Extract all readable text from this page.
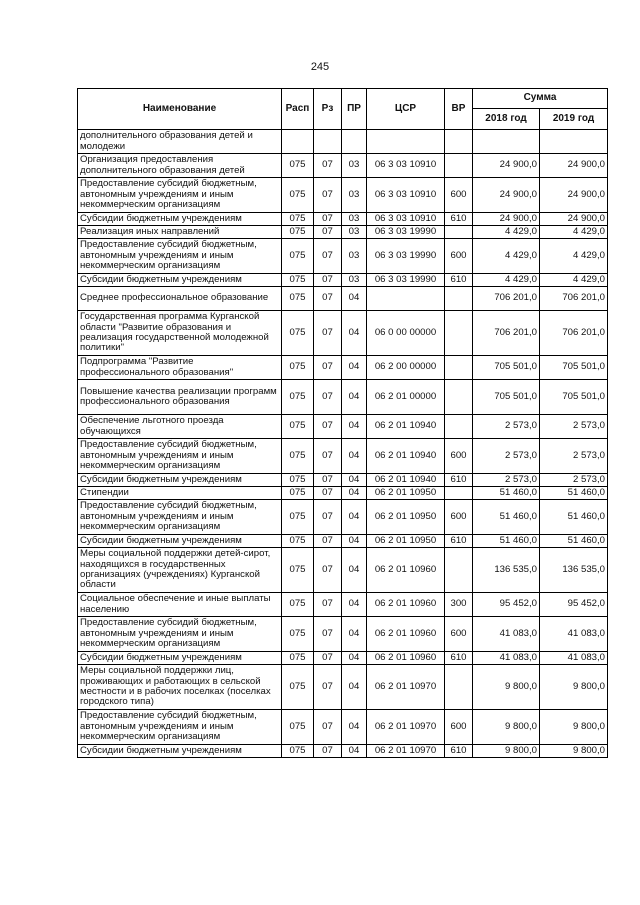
245
Наименование	Расп	Рз	ПР	ЦСР	ВР	Сумма	
						2018 год	2019 год
дополнительного образования детей и молодежи							
Организация предоставления дополнительного образования детей	075	07	03	06 3 03 10910		24 900,0	24 900,0
Предоставление субсидий бюджетным, автономным учреждениям и иным некоммерческим организациям	075	07	03	06 3 03 10910	600	24 900,0	24 900,0
Субсидии бюджетным учреждениям	075	07	03	06 3 03 10910	610	24 900,0	24 900,0
Реализация иных направлений	075	07	03	06 3 03 19990		4 429,0	4 429,0
Предоставление субсидий бюджетным, автономным учреждениям и иным некоммерческим организациям	075	07	03	06 3 03 19990	600	4 429,0	4 429,0
Субсидии бюджетным учреждениям	075	07	03	06 3 03 19990	610	4 429,0	4 429,0
Среднее профессиональное образование	075	07	04			706 201,0	706 201,0
Государственная программа Курганской области "Развитие образования и реализация государственной молодежной политики"	075	07	04	06 0 00 00000		706 201,0	706 201,0
Подпрограмма "Развитие профессионального образования"	075	07	04	06 2 00 00000		705 501,0	705 501,0
Повышение качества реализации программ профессионального образования	075	07	04	06 2 01 00000		705 501,0	705 501,0
Обеспечение льготного проезда обучающихся	075	07	04	06 2 01 10940		2 573,0	2 573,0
Предоставление субсидий бюджетным, автономным учреждениям и иным некоммерческим организациям	075	07	04	06 2 01 10940	600	2 573,0	2 573,0
Субсидии бюджетным учреждениям	075	07	04	06 2 01 10940	610	2 573,0	2 573,0
Стипендии	075	07	04	06 2 01 10950		51 460,0	51 460,0
Предоставление субсидий бюджетным, автономным учреждениям и иным некоммерческим организациям	075	07	04	06 2 01 10950	600	51 460,0	51 460,0
Субсидии бюджетным учреждениям	075	07	04	06 2 01 10950	610	51 460,0	51 460,0
Меры социальной поддержки детей-сирот, находящихся в государственных организациях (учреждениях) Курганской области	075	07	04	06 2 01 10960		136 535,0	136 535,0
Социальное обеспечение и иные выплаты населению	075	07	04	06 2 01 10960	300	95 452,0	95 452,0
Предоставление субсидий бюджетным, автономным учреждениям и иным некоммерческим организациям	075	07	04	06 2 01 10960	600	41 083,0	41 083,0
Субсидии бюджетным учреждениям	075	07	04	06 2 01 10960	610	41 083,0	41 083,0
Меры социальной поддержки лиц, проживающих и работающих в сельской местности и в рабочих поселках (поселках городского типа)	075	07	04	06 2 01 10970		9 800,0	9 800,0
Предоставление субсидий бюджетным, автономным учреждениям и иным некоммерческим организациям	075	07	04	06 2 01 10970	600	9 800,0	9 800,0
Субсидии бюджетным учреждениям	075	07	04	06 2 01 10970	610	9 800,0	9 800,0
